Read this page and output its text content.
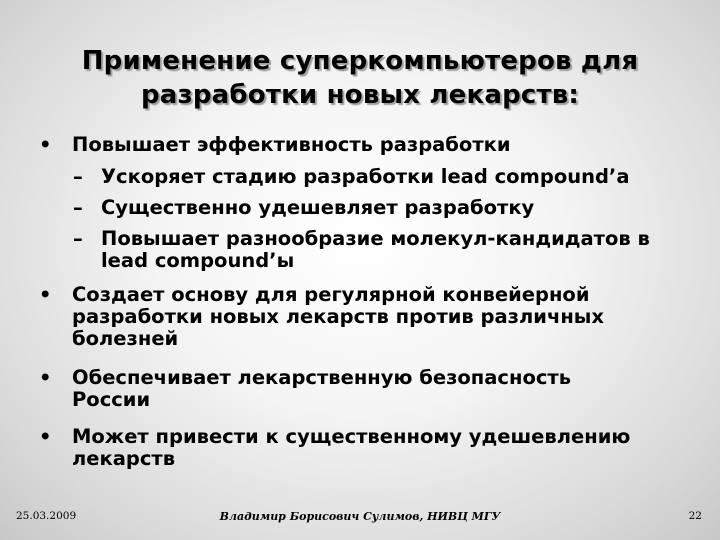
Применение суперкомпьютеров для
разработки новых лекарств:
• Повышает эффективность разработки
– Ускоряет стадию разработки lead compound’а
– Существенно удешевляет разработку
– Повышает разнообразие молекул-кандидатов в
lead compound’ы
• Создает основу для регулярной конвейерной
разработки новых лекарств против различных
болезней
• Обеспечивает лекарственную безопасность
России
• Может привести к существенному удешевлению
лекарств
25.03.2009	Владимир Борисович Сулимов, НИВЦ МГУ	22
